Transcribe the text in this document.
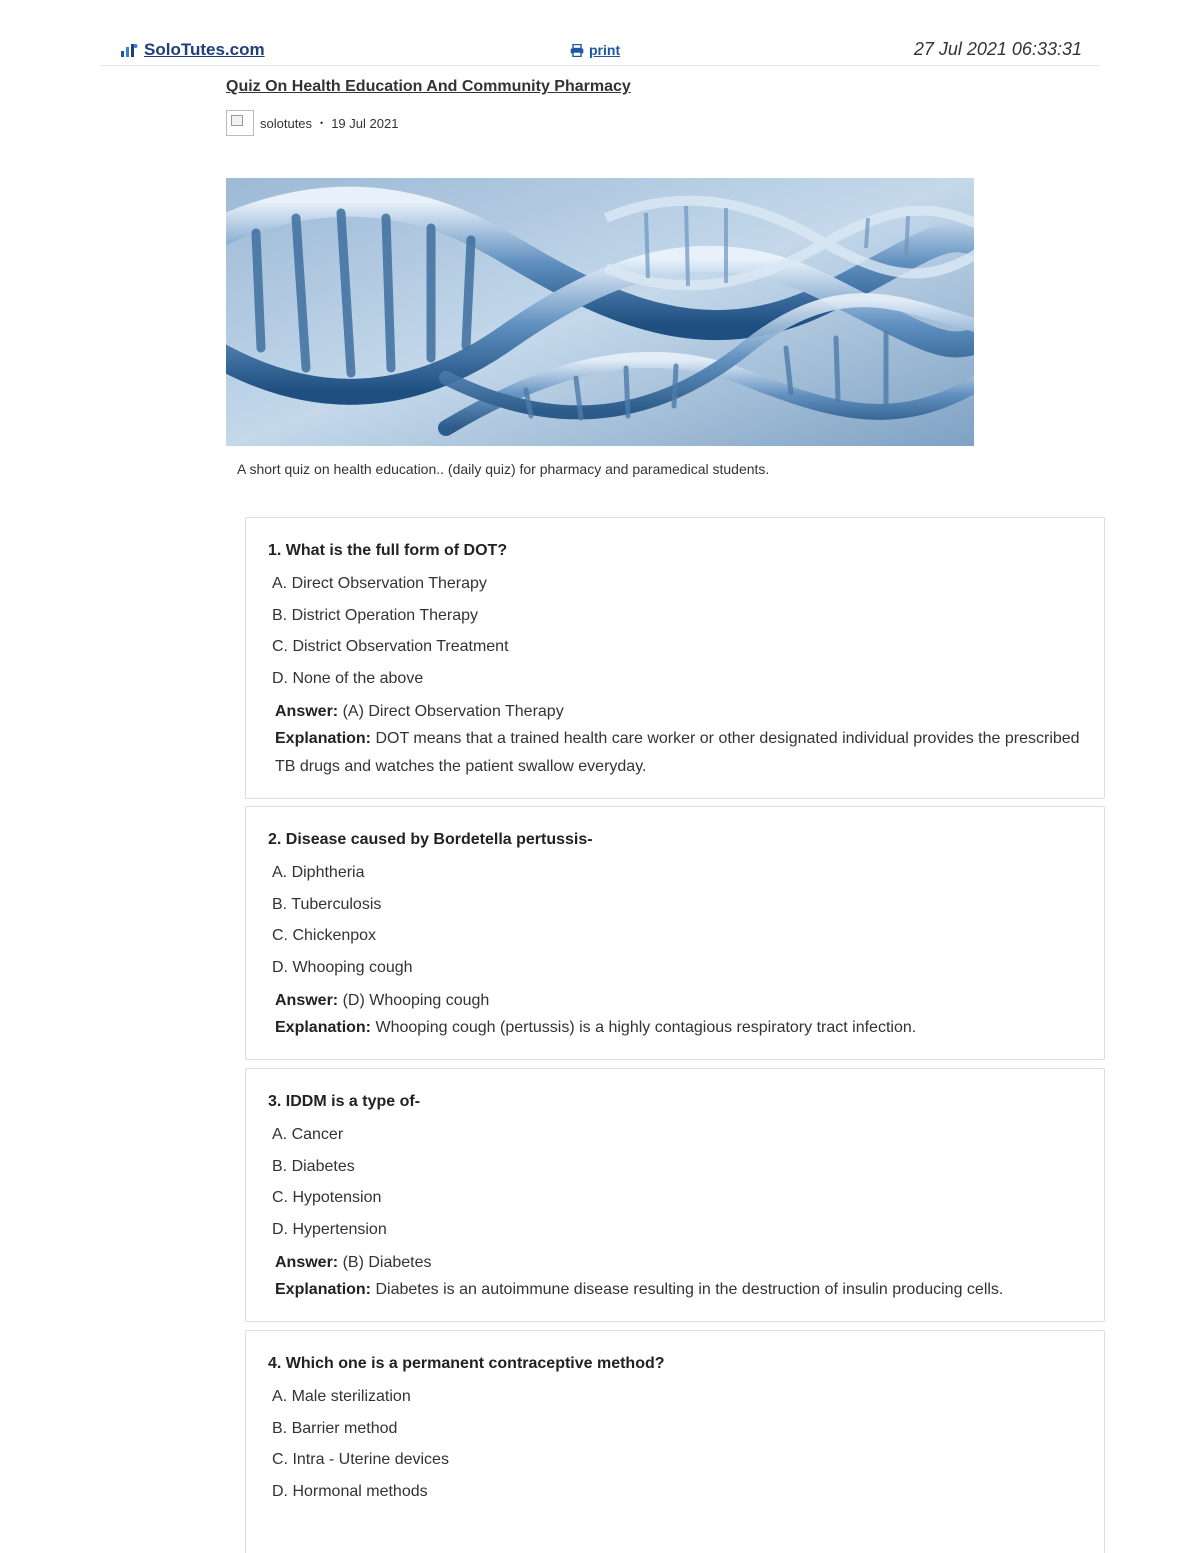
SoloTutes.com	print	27 Jul 2021 06:33:31
Quiz On Health Education And Community Pharmacy
solotutes • 19 Jul 2021
A short quiz on health education.. (daily quiz) for pharmacy and paramedical students.
1. What is the full form of DOT?
A. Direct Observation Therapy
B. District Operation Therapy
C. District Observation Treatment
D. None of the above
Answer: (A) Direct Observation Therapy
Explanation: DOT means that a trained health care worker or other designated individual provides the prescribed TB drugs and watches the patient swallow everyday.
2. Disease caused by Bordetella pertussis-
A. Diphtheria
B. Tuberculosis
C. Chickenpox
D. Whooping cough
Answer: (D) Whooping cough
Explanation: Whooping cough (pertussis) is a highly contagious respiratory tract infection.
3. IDDM is a type of-
A. Cancer
B. Diabetes
C. Hypotension
D. Hypertension
Answer: (B) Diabetes
Explanation: Diabetes is an autoimmune disease resulting in the destruction of insulin producing cells.
4. Which one is a permanent contraceptive method?
A. Male sterilization
B. Barrier method
C. Intra - Uterine devices
D. Hormonal methods
